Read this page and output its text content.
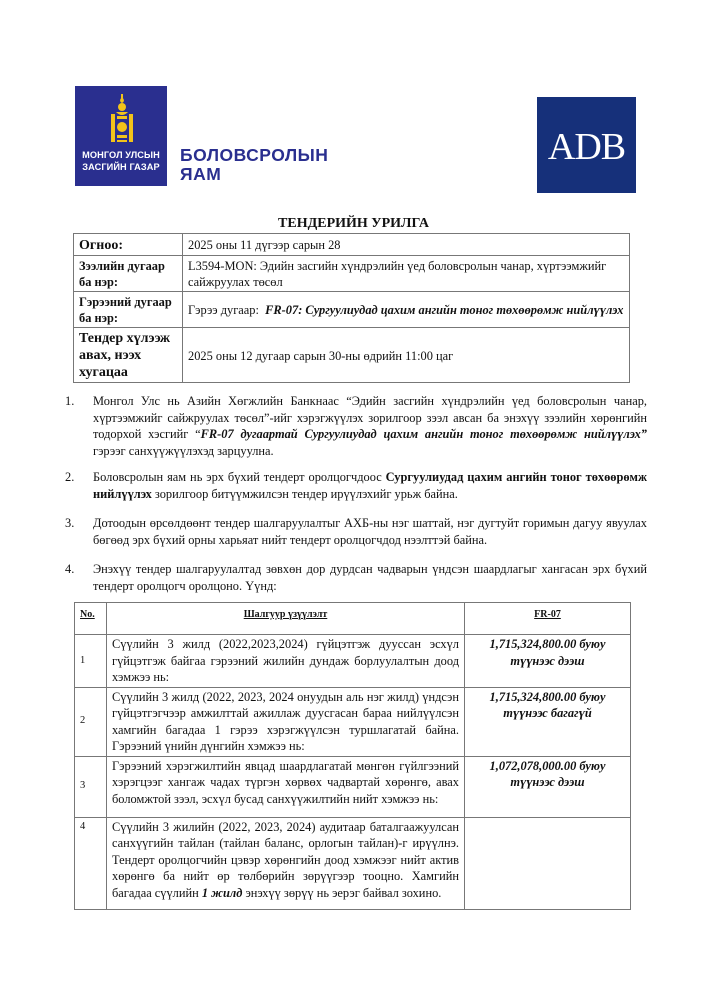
МОНГОЛ УЛСЫН
ЗАСГИЙН ГАЗАР
БОЛОВСРОЛЫН
ЯАМ
ADB
ТЕНДЕРИЙН УРИЛГА
Огноо:	2025 оны 11 дүгээр сарын 28
Зээлийн дугаар ба нэр:	L3594-MON: Эдийн засгийн хүндрэлийн үед боловсролын чанар, хүртээмжийг сайжруулах төсөл
Гэрээний дугаар ба нэр:	Гэрээ дугаар: FR-07: Сургуулиудад цахим ангийн тоног төхөөрөмж нийлүүлэх
Тендер хүлээж авах, нээх хугацаа	2025 оны 12 дугаар сарын 30-ны өдрийн 11:00 цаг
1.	Монгол Улс нь Азийн Хөгжлийн Банкнаас “Эдийн засгийн хүндрэлийн үед боловсролын чанар, хүртээмжийг сайжруулах төсөл”-ийг хэрэгжүүлэх зорилгоор зээл авсан ба энэхүү зээлийн хөрөнгийн тодорхой хэсгийг “FR-07 дугаартай Сургуулиудад цахим ангийн тоног төхөөрөмж нийлүүлэх” гэрээг санхүүжүүлэхэд зарцуулна.
2.	Боловсролын яам нь эрх бүхий тендерт оролцогчдоос Сургуулиудад цахим ангийн тоног төхөөрөмж нийлүүлэх зорилгоор битүүмжилсэн тендер ирүүлэхийг урьж байна.
3.	Дотоодын өрсөлдөөнт тендер шалгаруулалтыг АХБ-ны нэг шаттай, нэг дугтуйт горимын дагуу явуулах бөгөөд эрх бүхий орны харьяат нийт тендерт оролцогчдод нээлттэй байна.
4.	Энэхүү тендер шалгаруулалтад зөвхөн дор дурдсан чадварын үндсэн шаардлагыг хангасан эрх бүхий тендерт оролцогч оролцоно. Үүнд:
No.	Шалгуур үзүүлэлт	FR-07
1	Сүүлийн 3 жилд (2022,2023,2024) гүйцэтгэж дууссан эсхүл гүйцэтгэж байгаа гэрээний жилийн дундаж борлуулалтын доод хэмжээ нь:	1,715,324,800.00 буюу түүнээс дээш
2	Сүүлийн 3 жилд (2022, 2023, 2024 онуудын аль нэг жилд) үндсэн гүйцэтгэгчээр амжилттай ажиллаж дуусгасан бараа нийлүүлсэн хамгийн багадаа 1 гэрээ хэрэгжүүлсэн туршлагатай байна. Гэрээний үнийн дүнгийн хэмжээ нь:	1,715,324,800.00 буюу түүнээс багагүй
3	Гэрээний хэрэгжилтийн явцад шаардлагатай мөнгөн гүйлгээний хэрэгцээг хангаж чадах түргэн хөрвөх чадвартай хөрөнгө, авах боломжтой зээл, эсхүл бусад санхүүжилтийн нийт хэмжээ нь:	1,072,078,000.00 буюу түүнээс дээш
4	Сүүлийн 3 жилийн (2022, 2023, 2024) аудитаар баталгаажуулсан санхүүгийн тайлан (тайлан баланс, орлогын тайлан)-г ирүүлнэ. Тендерт оролцогчийн цэвэр хөрөнгийн доод хэмжээг нийт актив хөрөнгө ба нийт өр төлбөрийн зөрүүгээр тооцно. Хамгийн багадаа сүүлийн 1 жилд энэхүү зөрүү нь эерэг байвал зохино.	
